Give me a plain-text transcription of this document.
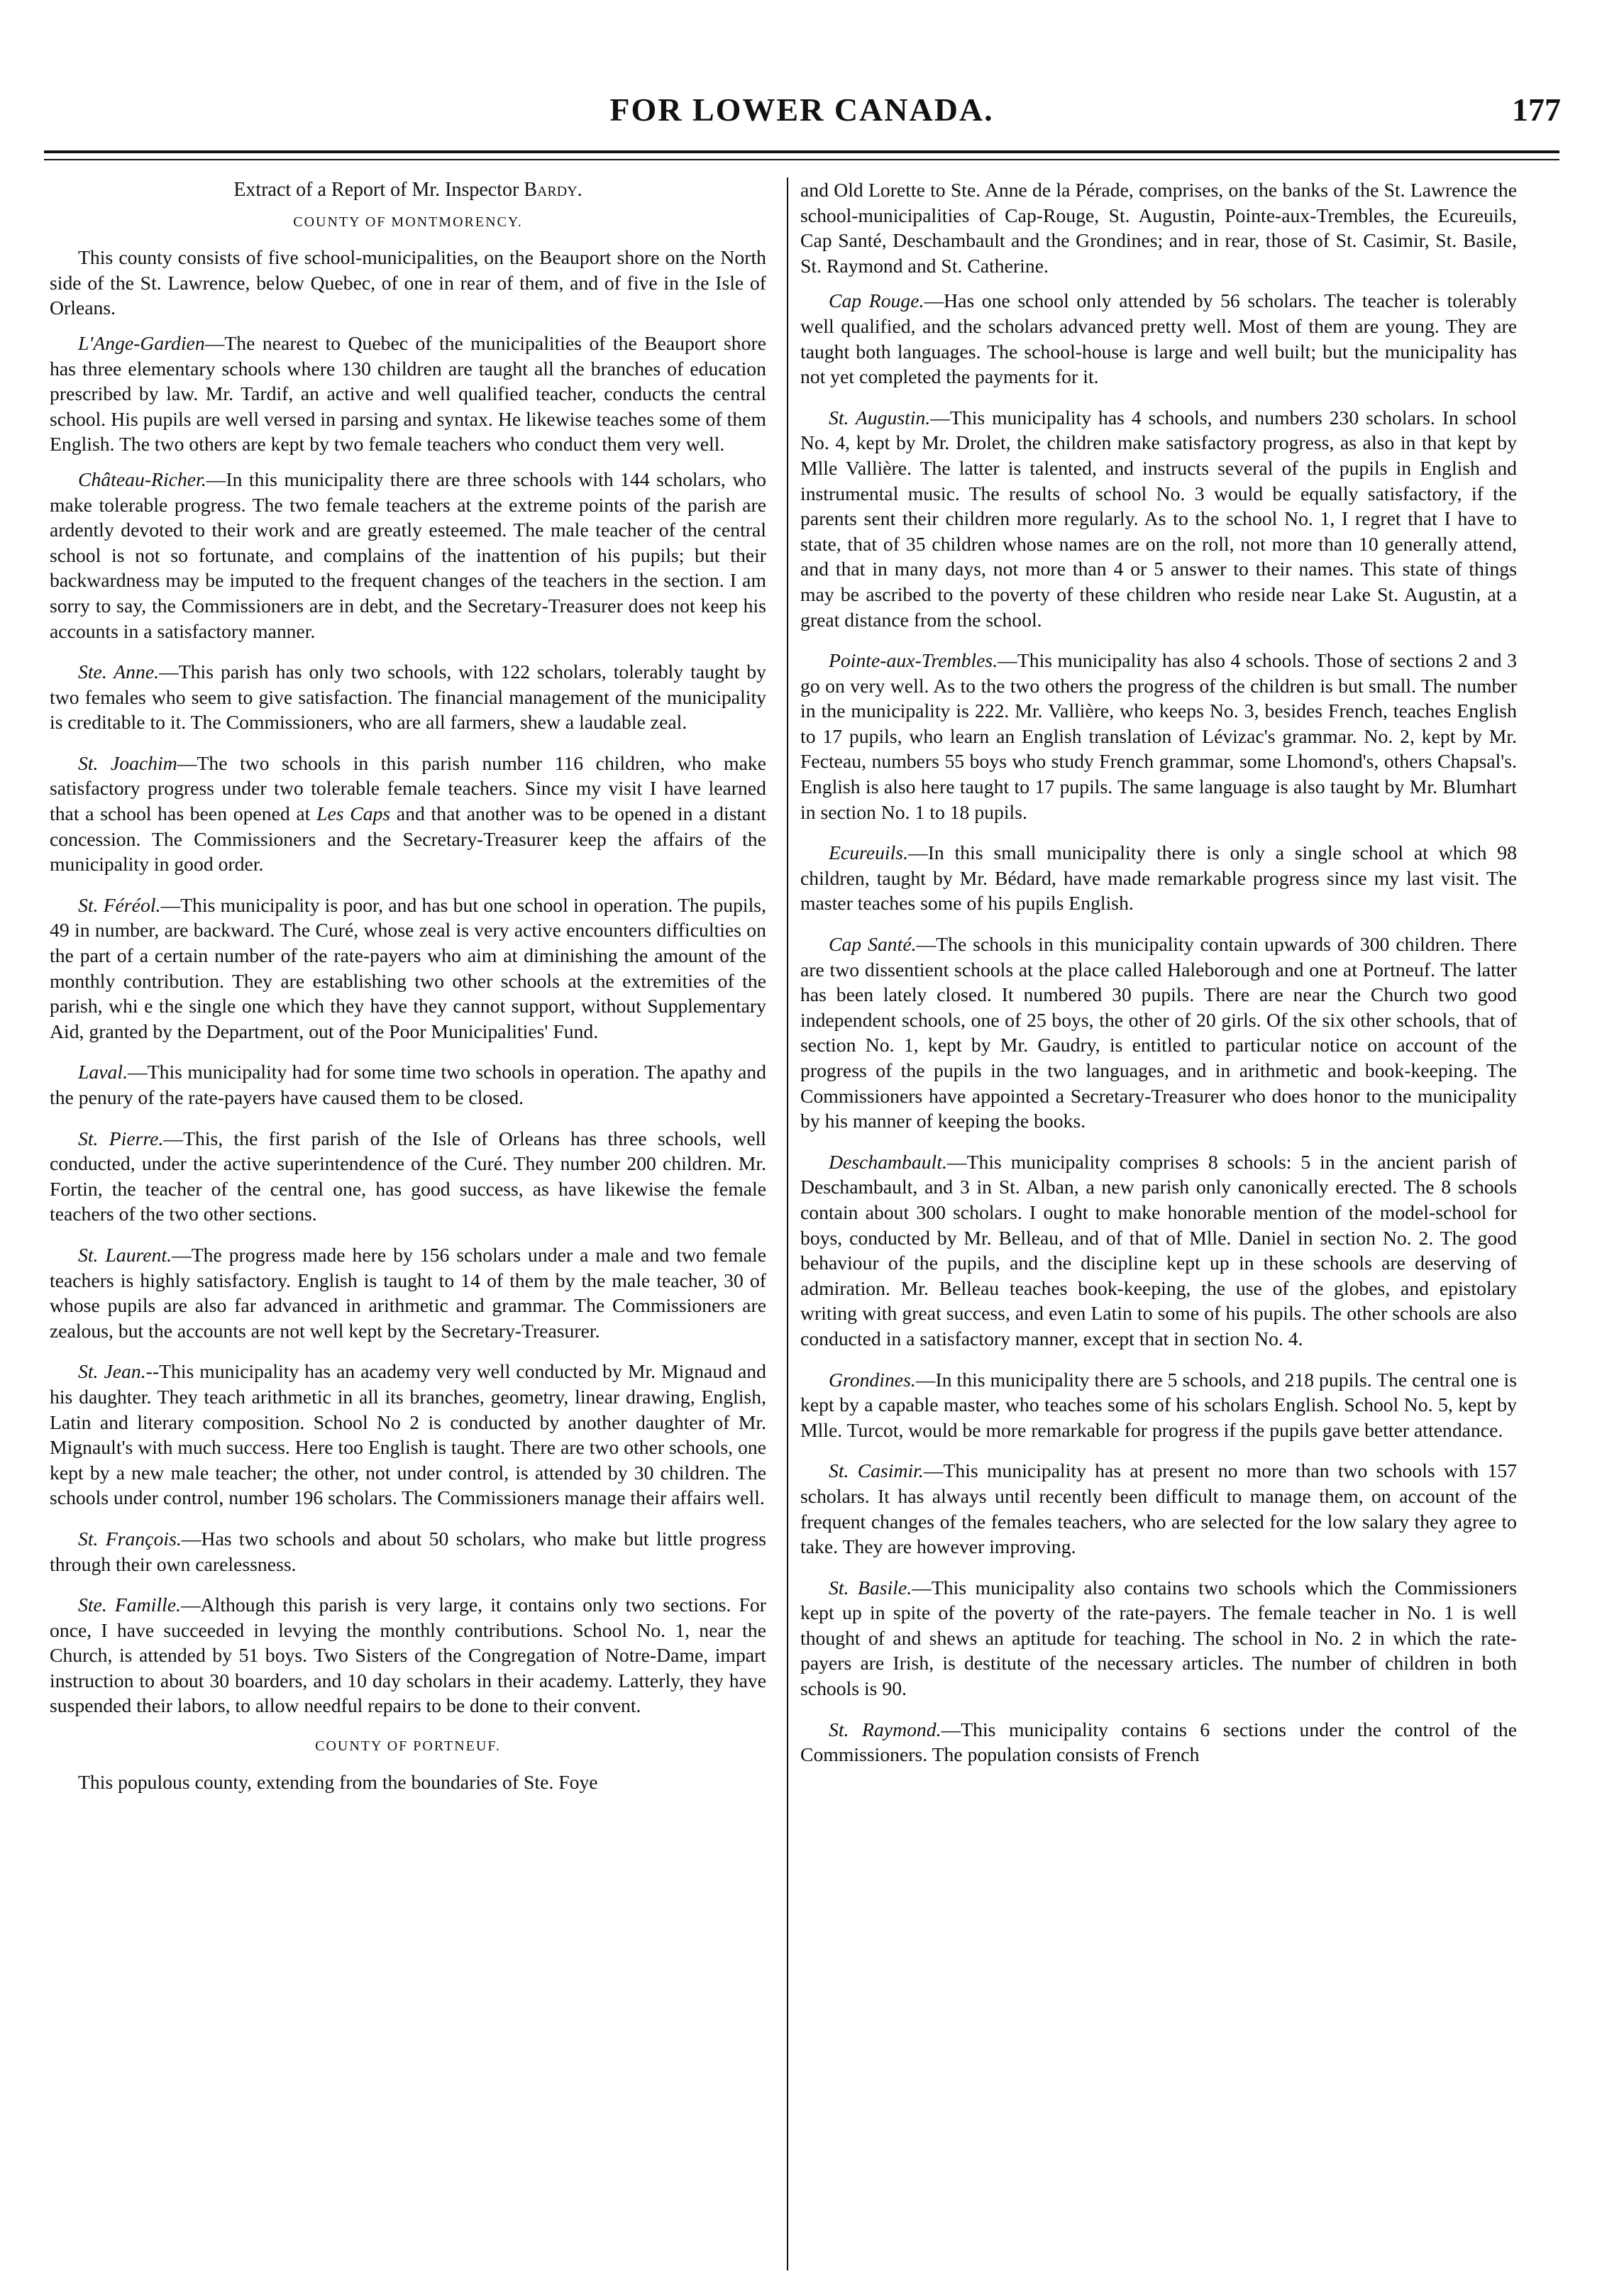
FOR LOWER CANADA.	177
Extract of a Report of Mr. Inspector Bardy.
COUNTY OF MONTMORENCY.

This county consists of five school-municipalities, on the Beauport shore on the North side of the St. Lawrence, below Quebec, of one in rear of them, and of five in the Isle of Orleans.

L'Ange-Gardien—The nearest to Quebec of the municipalities of the Beauport shore has three elementary schools where 130 children are taught all the branches of education prescribed by law. Mr. Tardif, an active and well qualified teacher, conducts the central school. His pupils are well versed in parsing and syntax. He likewise teaches some of them English. The two others are kept by two female teachers who conduct them very well.

Château-Richer.—In this municipality there are three schools with 144 scholars, who make tolerable progress. The two female teachers at the extreme points of the parish are ardently devoted to their work and are greatly esteemed. The male teacher of the central school is not so fortunate, and complains of the inattention of his pupils; but their backwardness may be imputed to the frequent changes of the teachers in the section. I am sorry to say, the Commissioners are in debt, and the Secretary-Treasurer does not keep his accounts in a satisfactory manner.

Ste. Anne.—This parish has only two schools, with 122 scholars, tolerably taught by two females who seem to give satisfaction. The financial management of the municipality is creditable to it. The Commissioners, who are all farmers, shew a laudable zeal.

St. Joachim—The two schools in this parish number 116 children, who make satisfactory progress under two tolerable female teachers. Since my visit I have learned that a school has been opened at Les Caps and that another was to be opened in a distant concession. The Commissioners and the Secretary-Treasurer keep the affairs of the municipality in good order.

St. Féréol.—This municipality is poor, and has but one school in operation. The pupils, 49 in number, are backward. The Curé, whose zeal is very active encounters difficulties on the part of a certain number of the rate-payers who aim at diminishing the amount of the monthly contribution. They are establishing two other schools at the extremities of the parish, whi e the single one which they have they cannot support, without Supplementary Aid, granted by the Department, out of the Poor Municipalities' Fund.

Laval.—This municipality had for some time two schools in operation. The apathy and the penury of the rate-payers have caused them to be closed.

St. Pierre.—This, the first parish of the Isle of Orleans has three schools, well conducted, under the active superintendence of the Curé. They number 200 children. Mr. Fortin, the teacher of the central one, has good success, as have likewise the female teachers of the two other sections.

St. Laurent.—The progress made here by 156 scholars under a male and two female teachers is highly satisfactory. English is taught to 14 of them by the male teacher, 30 of whose pupils are also far advanced in arithmetic and grammar. The Commissioners are zealous, but the accounts are not well kept by the Secretary-Treasurer.

St. Jean.--This municipality has an academy very well conducted by Mr. Mignaud and his daughter. They teach arithmetic in all its branches, geometry, linear drawing, English, Latin and literary composition. School No 2 is conducted by another daughter of Mr. Mignault's with much success. Here too English is taught. There are two other schools, one kept by a new male teacher; the other, not under control, is attended by 30 children. The schools under control, number 196 scholars. The Commissioners manage their affairs well.

St. François.—Has two schools and about 50 scholars, who make but little progress through their own carelessness.

Ste. Famille.—Although this parish is very large, it contains only two sections. For once, I have succeeded in levying the monthly contributions. School No. 1, near the Church, is attended by 51 boys. Two Sisters of the Congregation of Notre-Dame, impart instruction to about 30 boarders, and 10 day scholars in their academy. Latterly, they have suspended their labors, to allow needful repairs to be done to their convent.

COUNTY OF PORTNEUF.

This populous county, extending from the boundaries of Ste. Foye

and Old Lorette to Ste. Anne de la Pérade, comprises, on the banks of the St. Lawrence the school-municipalities of Cap-Rouge, St. Augustin, Pointe-aux-Trembles, the Ecureuils, Cap Santé, Deschambault and the Grondines; and in rear, those of St. Casimir, St. Basile, St. Raymond and St. Catherine.

Cap Rouge.—Has one school only attended by 56 scholars. The teacher is tolerably well qualified, and the scholars advanced pretty well. Most of them are young. They are taught both languages. The school-house is large and well built; but the municipality has not yet completed the payments for it.

St. Augustin.—This municipality has 4 schools, and numbers 230 scholars. In school No. 4, kept by Mr. Drolet, the children make satisfactory progress, as also in that kept by Mlle Vallière. The latter is talented, and instructs several of the pupils in English and instrumental music. The results of school No. 3 would be equally satisfactory, if the parents sent their children more regularly. As to the school No. 1, I regret that I have to state, that of 35 children whose names are on the roll, not more than 10 generally attend, and that in many days, not more than 4 or 5 answer to their names. This state of things may be ascribed to the poverty of these children who reside near Lake St. Augustin, at a great distance from the school.

Pointe-aux-Trembles.—This municipality has also 4 schools. Those of sections 2 and 3 go on very well. As to the two others the progress of the children is but small. The number in the municipality is 222. Mr. Vallière, who keeps No. 3, besides French, teaches English to 17 pupils, who learn an English translation of Lévizac's grammar. No. 2, kept by Mr. Fecteau, numbers 55 boys who study French grammar, some Lhomond's, others Chapsal's. English is also here taught to 17 pupils. The same language is also taught by Mr. Blumhart in section No. 1 to 18 pupils.

Ecureuils.—In this small municipality there is only a single school at which 98 children, taught by Mr. Bédard, have made remarkable progress since my last visit. The master teaches some of his pupils English.

Cap Santé.—The schools in this municipality contain upwards of 300 children. There are two dissentient schools at the place called Haleborough and one at Portneuf. The latter has been lately closed. It numbered 30 pupils. There are near the Church two good independent schools, one of 25 boys, the other of 20 girls. Of the six other schools, that of section No. 1, kept by Mr. Gaudry, is entitled to particular notice on account of the progress of the pupils in the two languages, and in arithmetic and book-keeping. The Commissioners have appointed a Secretary-Treasurer who does honor to the municipality by his manner of keeping the books.

Deschambault.—This municipality comprises 8 schools: 5 in the ancient parish of Deschambault, and 3 in St. Alban, a new parish only canonically erected. The 8 schools contain about 300 scholars. I ought to make honorable mention of the model-school for boys, conducted by Mr. Belleau, and of that of Mlle. Daniel in section No. 2. The good behaviour of the pupils, and the discipline kept up in these schools are deserving of admiration. Mr. Belleau teaches book-keeping, the use of the globes, and epistolary writing with great success, and even Latin to some of his pupils. The other schools are also conducted in a satisfactory manner, except that in section No. 4.

Grondines.—In this municipality there are 5 schools, and 218 pupils. The central one is kept by a capable master, who teaches some of his scholars English. School No. 5, kept by Mlle. Turcot, would be more remarkable for progress if the pupils gave better attendance.

St. Casimir.—This municipality has at present no more than two schools with 157 scholars. It has always until recently been difficult to manage them, on account of the frequent changes of the females teachers, who are selected for the low salary they agree to take. They are however improving.

St. Basile.—This municipality also contains two schools which the Commissioners kept up in spite of the poverty of the rate-payers. The female teacher in No. 1 is well thought of and shews an aptitude for teaching. The school in No. 2 in which the rate-payers are Irish, is destitute of the necessary articles. The number of children in both schools is 90.

St. Raymond.—This municipality contains 6 sections under the control of the Commissioners. The population consists of French
